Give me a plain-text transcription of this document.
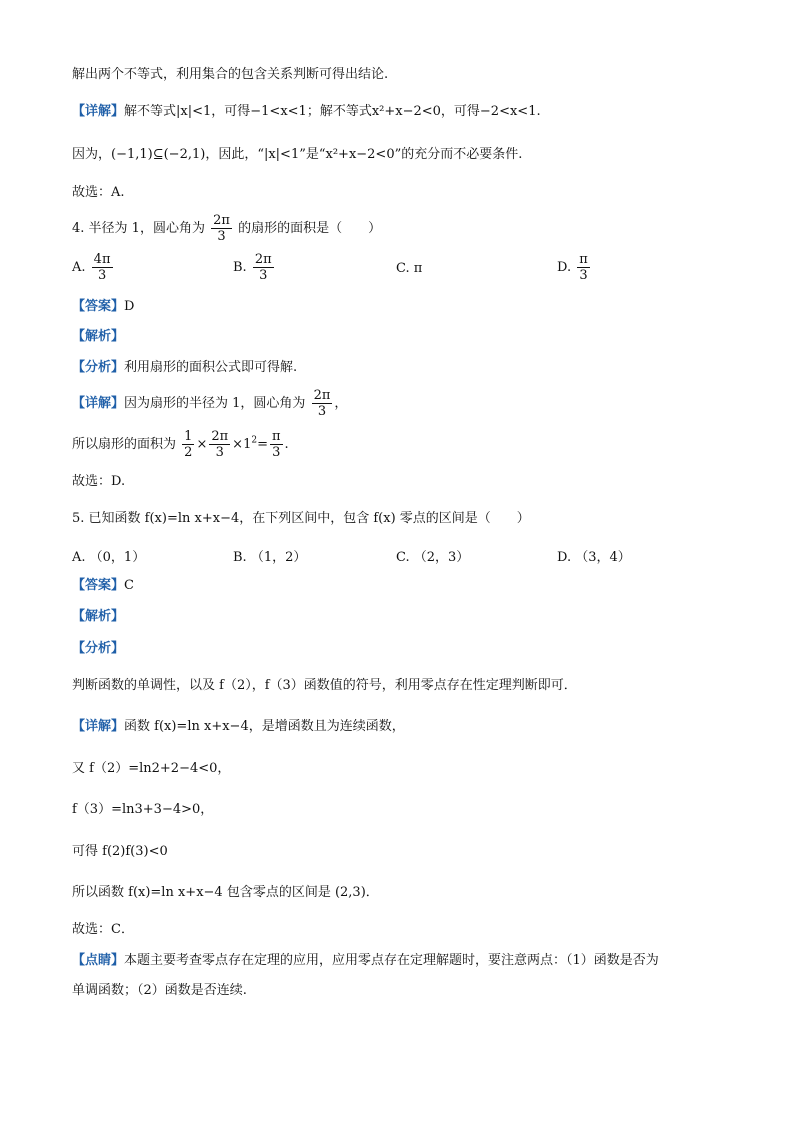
解出两个不等式，利用集合的包含关系判断可得出结论.
【详解】解不等式|x|<1，可得−1<x<1；解不等式x²+x−2<0，可得−2<x<1.
因为，(−1,1)⊆(−2,1)，因此，“|x|<1”是“x²+x−2<0”的充分而不必要条件.
故选：A.
4. 半径为 1，圆心角为 $\frac{2\pi}{3}$ 的扇形的面积是（　　）
A. $\frac{4\pi}{3}$	B. $\frac{2\pi}{3}$	C. π	D. $\frac{\pi}{3}$
【答案】D
【解析】
【分析】利用扇形的面积公式即可得解.
【详解】因为扇形的半径为 1，圆心角为 $\frac{2\pi}{3}$ ，
所以扇形的面积为 $\frac{1}{2} \times \frac{2\pi}{3} \times 1^2= \frac{\pi}{3}$ .
故选：D.
5. 已知函数 f(x)=ln x+x−4，在下列区间中，包含 f(x) 零点的区间是（　　）
A. （0，1）	B. （1，2）	C. （2，3）	D. （3，4）
【答案】C
【解析】
【分析】
判断函数的单调性，以及 f（2），f（3）函数值的符号，利用零点存在性定理判断即可．
【详解】函数 f(x)=ln x+x−4，是增函数且为连续函数，
又 f（2）=ln2+2−4<0，
f（3）=ln3+3−4>0，
可得 f(2)f(3)<0
所以函数 f(x)=ln x+x−4 包含零点的区间是 (2,3)．
故选：C．
【点睛】本题主要考查零点存在定理的应用，应用零点存在定理解题时，要注意两点：（1）函数是否为
单调函数；（2）函数是否连续.
